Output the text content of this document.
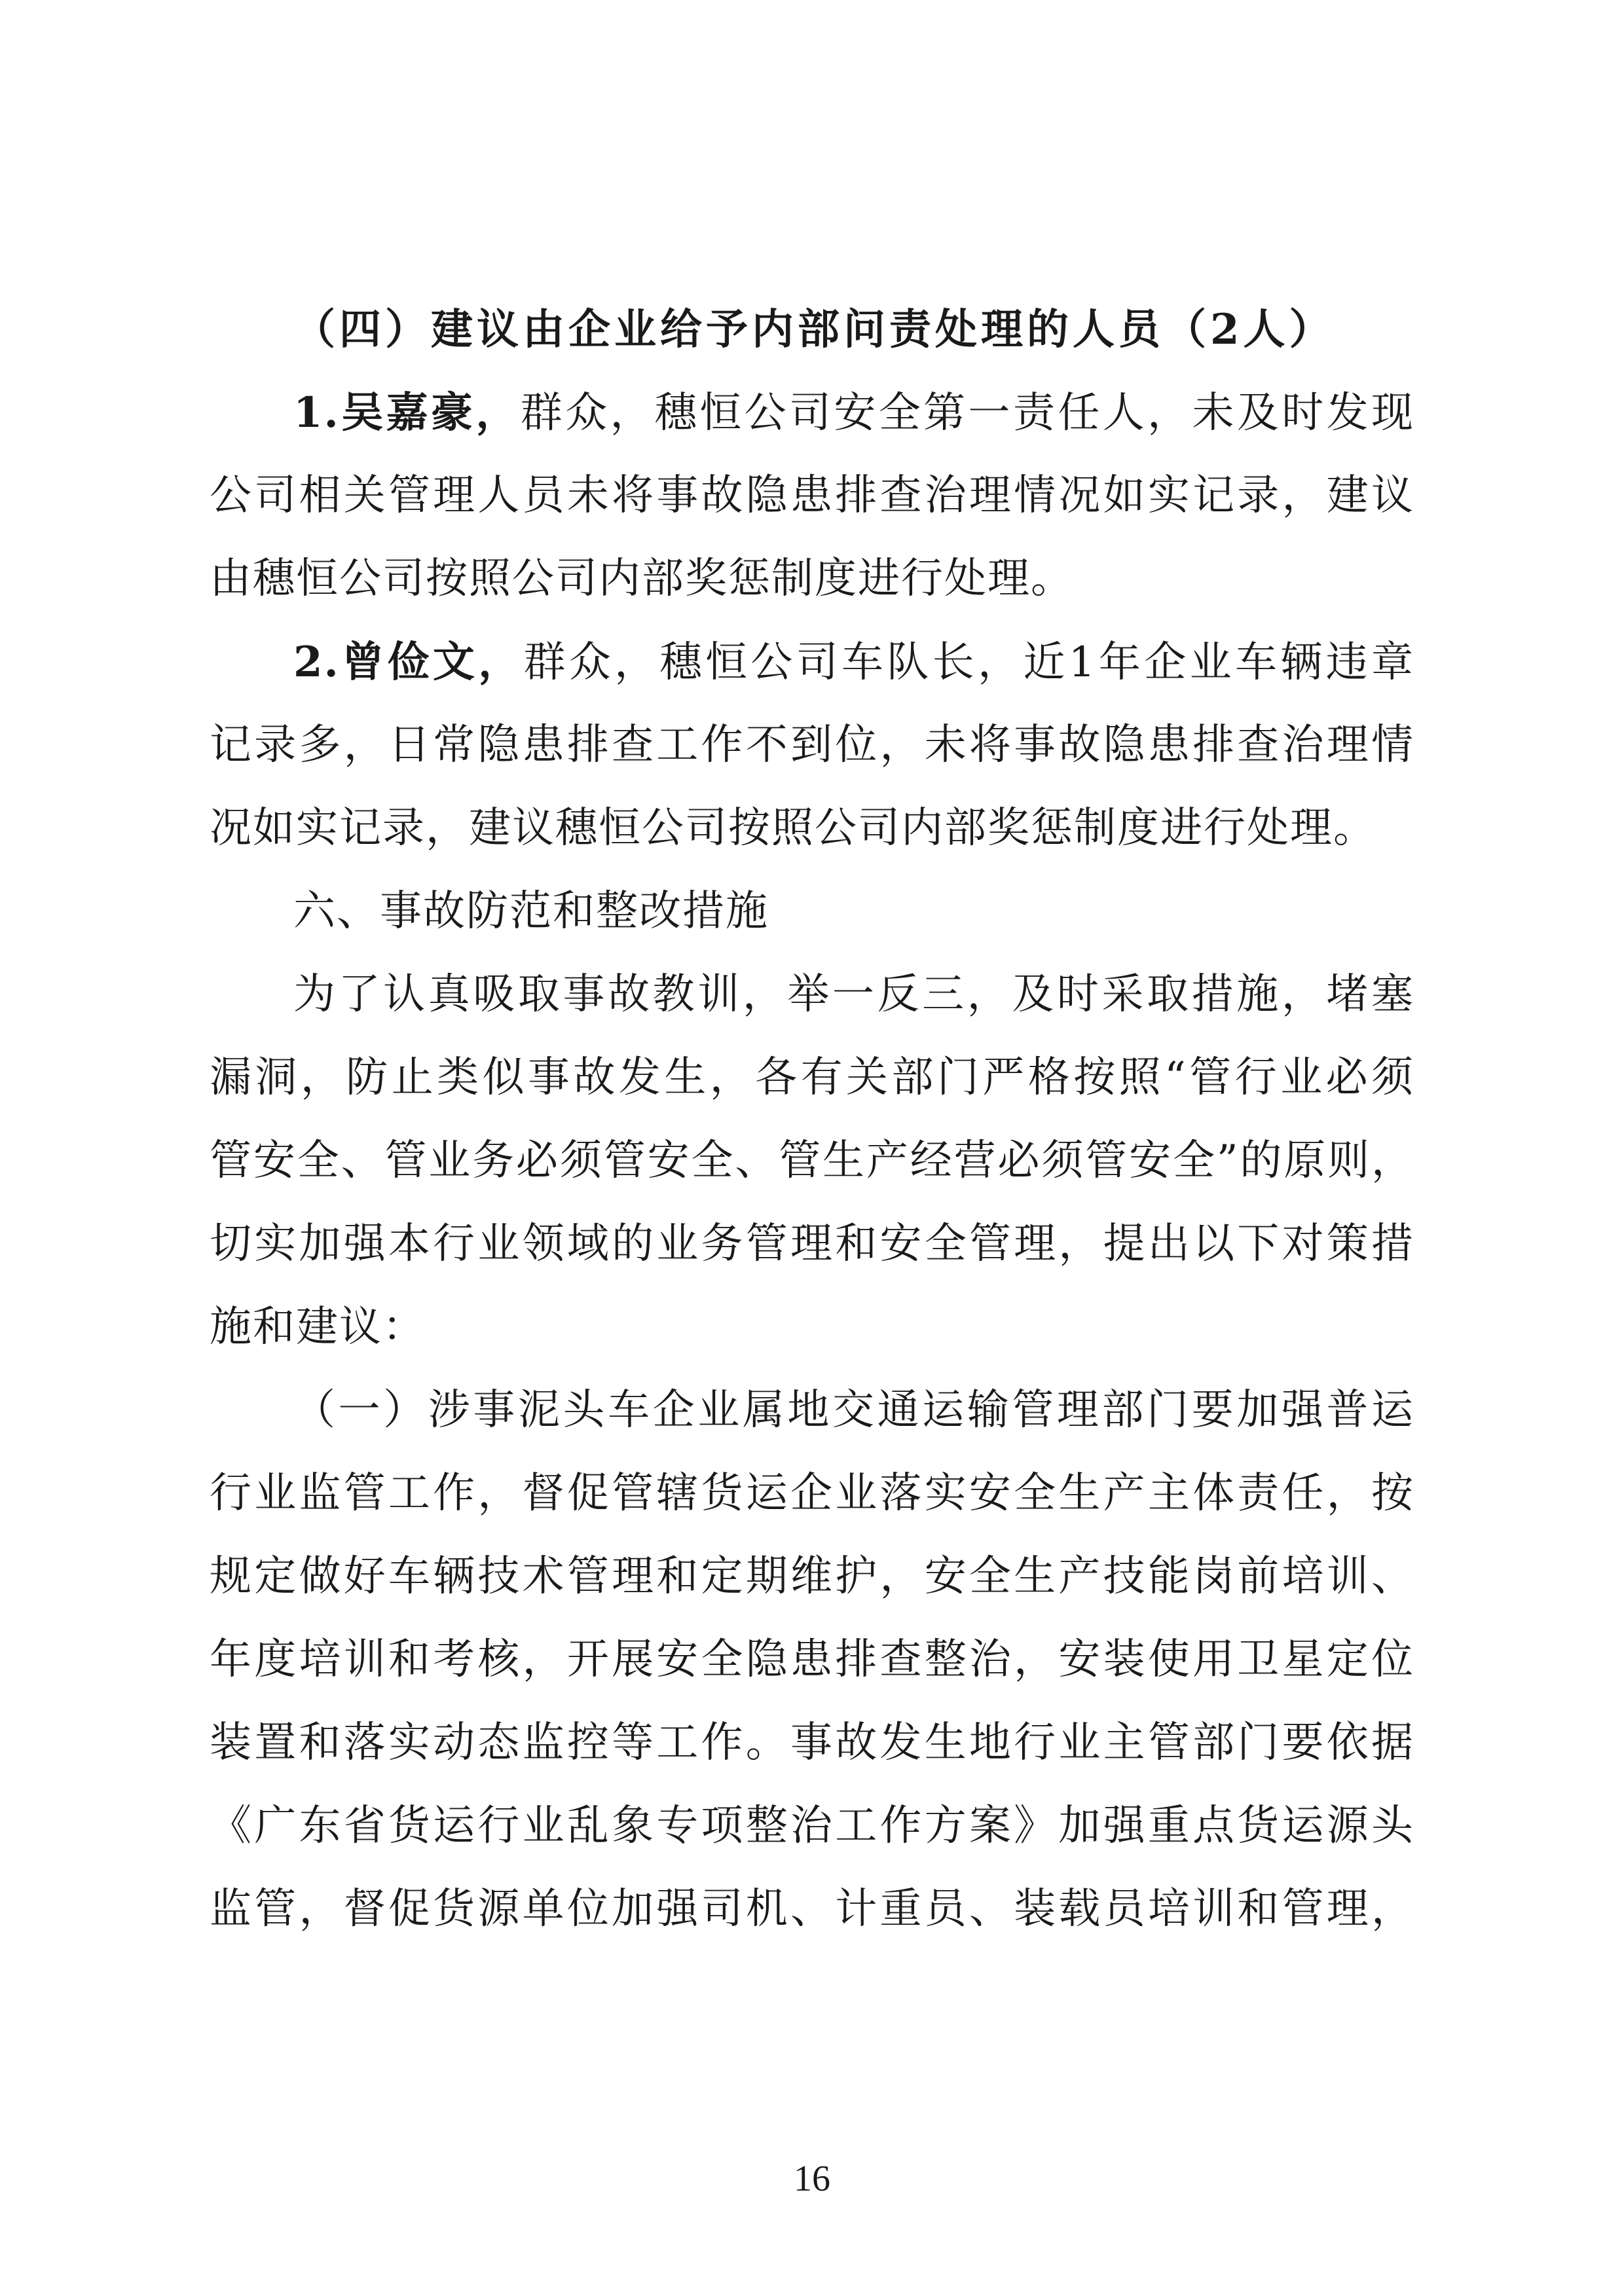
（四）建议由企业给予内部问责处理的人员（2人）
1.吴嘉豪，群众，穗恒公司安全第一责任人，未及时发现
公司相关管理人员未将事故隐患排查治理情况如实记录，建议
由穗恒公司按照公司内部奖惩制度进行处理。
2.曾俭文，群众，穗恒公司车队长，近1年企业车辆违章
记录多，日常隐患排查工作不到位，未将事故隐患排查治理情
况如实记录，建议穗恒公司按照公司内部奖惩制度进行处理。
六、事故防范和整改措施
为了认真吸取事故教训，举一反三，及时采取措施，堵塞
漏洞，防止类似事故发生，各有关部门严格按照“管行业必须
管安全、管业务必须管安全、管生产经营必须管安全”的原则，
切实加强本行业领域的业务管理和安全管理，提出以下对策措
施和建议：
（一）涉事泥头车企业属地交通运输管理部门要加强普运
行业监管工作，督促管辖货运企业落实安全生产主体责任，按
规定做好车辆技术管理和定期维护，安全生产技能岗前培训、
年度培训和考核，开展安全隐患排查整治，安装使用卫星定位
装置和落实动态监控等工作。事故发生地行业主管部门要依据
《广东省货运行业乱象专项整治工作方案》加强重点货运源头
监管，督促货源单位加强司机、计重员、装载员培训和管理，
16
